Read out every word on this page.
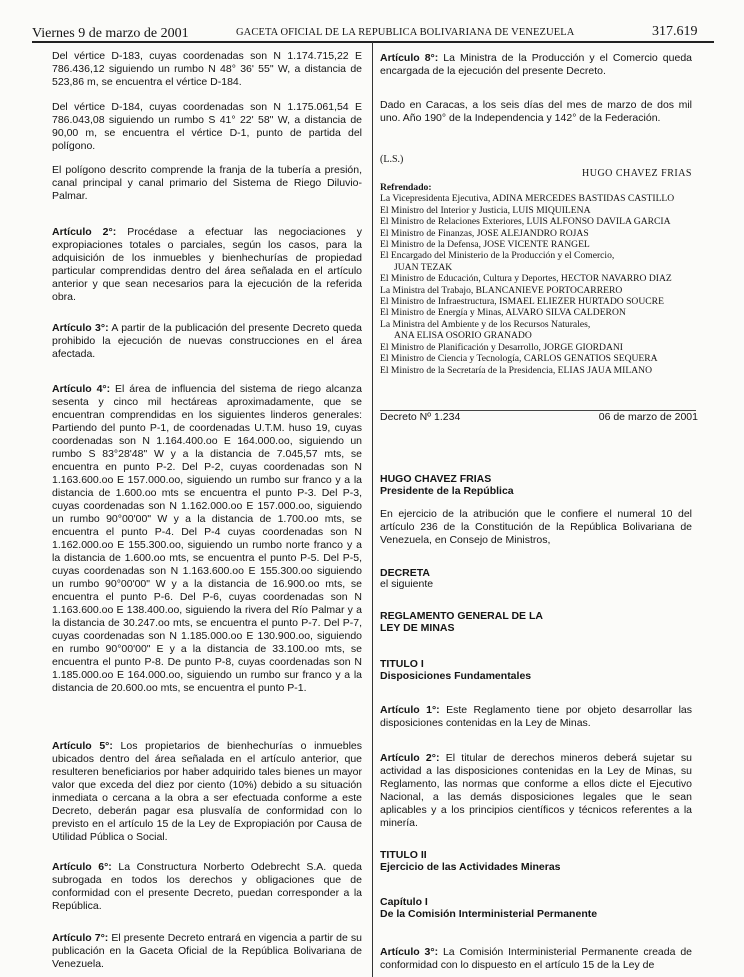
Viernes 9 de marzo de 2001	GACETA OFICIAL DE LA REPUBLICA BOLIVARIANA DE VENEZUELA	317.619

Del vértice D-183, cuyas coordenadas son N 1.174.715,22 E 786.436,12 siguiendo un rumbo N 48° 36' 55" W, a distancia de 523,86 m, se encuentra el vértice D-184.

Del vértice D-184, cuyas coordenadas son N 1.175.061,54 E 786.043,08 siguiendo un rumbo S 41° 22' 58" W, a distancia de 90,00 m, se encuentra el vértice D-1, punto de partida del polígono.

El polígono descrito comprende la franja de la tubería a presión, canal principal y canal primario del Sistema de Riego Diluvio-Palmar.

Artículo 2°: Procédase a efectuar las negociaciones y expropiaciones totales o parciales, según los casos, para la adquisición de los inmuebles y bienhechurías de propiedad particular comprendidas dentro del área señalada en el artículo anterior y que sean necesarios para la ejecución de la referida obra.

Artículo 3°: A partir de la publicación del presente Decreto queda prohibido la ejecución de nuevas construcciones en el área afectada.

Artículo 4°: El área de influencia del sistema de riego alcanza sesenta y cinco mil hectáreas aproximadamente, que se encuentran comprendidas en los siguientes linderos generales: Partiendo del punto P-1, de coordenadas U.T.M. huso 19, cuyas coordenadas son N 1.164.400.oo E 164.000.oo, siguiendo un rumbo S 83°28'48" W y a la distancia de 7.045,57 mts, se encuentra en punto P-2. Del P-2, cuyas coordenadas son N 1.163.600.oo E 157.000.oo, siguiendo un rumbo sur franco y a la distancia de 1.600.oo mts se encuentra el punto P-3. Del P-3, cuyas coordenadas son N 1.162.000.oo E 157.000.oo, siguiendo un rumbo 90°00'00" W y a la distancia de 1.700.oo mts, se encuentra el punto P-4. Del P-4 cuyas coordenadas son N 1.162.000.oo E 155.300.oo, siguiendo un rumbo norte franco y a la distancia de 1.600.oo mts, se encuentra el punto P-5. Del P-5, cuyas coordenadas son N 1.163.600.oo E 155.300.oo siguiendo un rumbo 90°00'00" W y a la distancia de 16.900.oo mts, se encuentra el punto P-6. Del P-6, cuyas coordenadas son N 1.163.600.oo E 138.400.oo, siguiendo la rivera del Río Palmar y a la distancia de 30.247.oo mts, se encuentra el punto P-7. Del P-7, cuyas coordenadas son N 1.185.000.oo E 130.900.oo, siguiendo en rumbo 90°00'00" E y a la distancia de 33.100.oo mts, se encuentra el punto P-8. De punto P-8, cuyas coordenadas son N 1.185.000.oo E 164.000.oo, siguiendo un rumbo sur franco y a la distancia de 20.600.oo mts, se encuentra el punto P-1.

Artículo 5°: Los propietarios de bienhechurías o inmuebles ubicados dentro del área señalada en el artículo anterior, que resulteren beneficiarios por haber adquirido tales bienes un mayor valor que exceda del diez por ciento (10%) debido a su situación inmediata o cercana a la obra a ser efectuada conforme a este Decreto, deberán pagar esa plusvalía de conformidad con lo previsto en el artículo 15 de la Ley de Expropiación por Causa de Utilidad Pública o Social.

Artículo 6°: La Constructura Norberto Odebrecht S.A. queda subrogada en todos los derechos y obligaciones que de conformidad con el presente Decreto, puedan corresponder a la República.

Artículo 7°: El presente Decreto entrará en vigencia a partir de su publicación en la Gaceta Oficial de la República Bolivariana de Venezuela.

Artículo 8°: La Ministra de la Producción y el Comercio queda encargada de la ejecución del presente Decreto.

Dado en Caracas, a los seis días del mes de marzo de dos mil uno. Año 190° de la Independencia y 142° de la Federación.

(L.S.)

HUGO CHAVEZ FRIAS

Refrendado:
La Vicepresidenta Ejecutiva, ADINA MERCEDES BASTIDAS CASTILLO
El Ministro del Interior y Justicia, LUIS MIQUILENA
El Ministro de Relaciones Exteriores, LUIS ALFONSO DAVILA GARCIA
El Ministro de Finanzas, JOSE ALEJANDRO ROJAS
El Ministro de la Defensa, JOSE VICENTE RANGEL
El Encargado del Ministerio de la Producción y el Comercio,
JUAN TEZAK
El Ministro de Educación, Cultura y Deportes, HECTOR NAVARRO DIAZ
La Ministra del Trabajo, BLANCANIEVE PORTOCARRERO
El Ministro de Infraestructura, ISMAEL ELIEZER HURTADO SOUCRE
El Ministro de Energía y Minas, ALVARO SILVA CALDERON
La Ministra del Ambiente y de los Recursos Naturales,
ANA ELISA OSORIO GRANADO
El Ministro de Planificación y Desarrollo, JORGE GIORDANI
El Ministro de Ciencia y Tecnología, CARLOS GENATIOS SEQUERA
El Ministro de la Secretaría de la Presidencia, ELIAS JAUA MILANO

Decreto Nº 1.234	06 de marzo de 2001

HUGO CHAVEZ FRIAS

Presidente de la República

En ejercicio de la atribución que le confiere el numeral 10 del artículo 236 de la Constitución de la República Bolivariana de Venezuela, en Consejo de Ministros,

DECRETA

el siguiente

REGLAMENTO GENERAL DE LA

LEY DE MINAS

TITULO I

Disposiciones Fundamentales

Artículo 1°: Este Reglamento tiene por objeto desarrollar las disposiciones contenidas en la Ley de Minas.

Artículo 2°: El titular de derechos mineros deberá sujetar su actividad a las disposiciones contenidas en la Ley de Minas, su Reglamento, las normas que conforme a ellos dicte el Ejecutivo Nacional, a las demás disposiciones legales que le sean aplicables y a los principios científicos y técnicos referentes a la minería.

TITULO II

Ejercicio de las Actividades Mineras

Capítulo I

De la Comisión Interministerial Permanente

Artículo 3°: La Comisión Interministerial Permanente creada de conformidad con lo dispuesto en el artículo 15 de la Ley de
